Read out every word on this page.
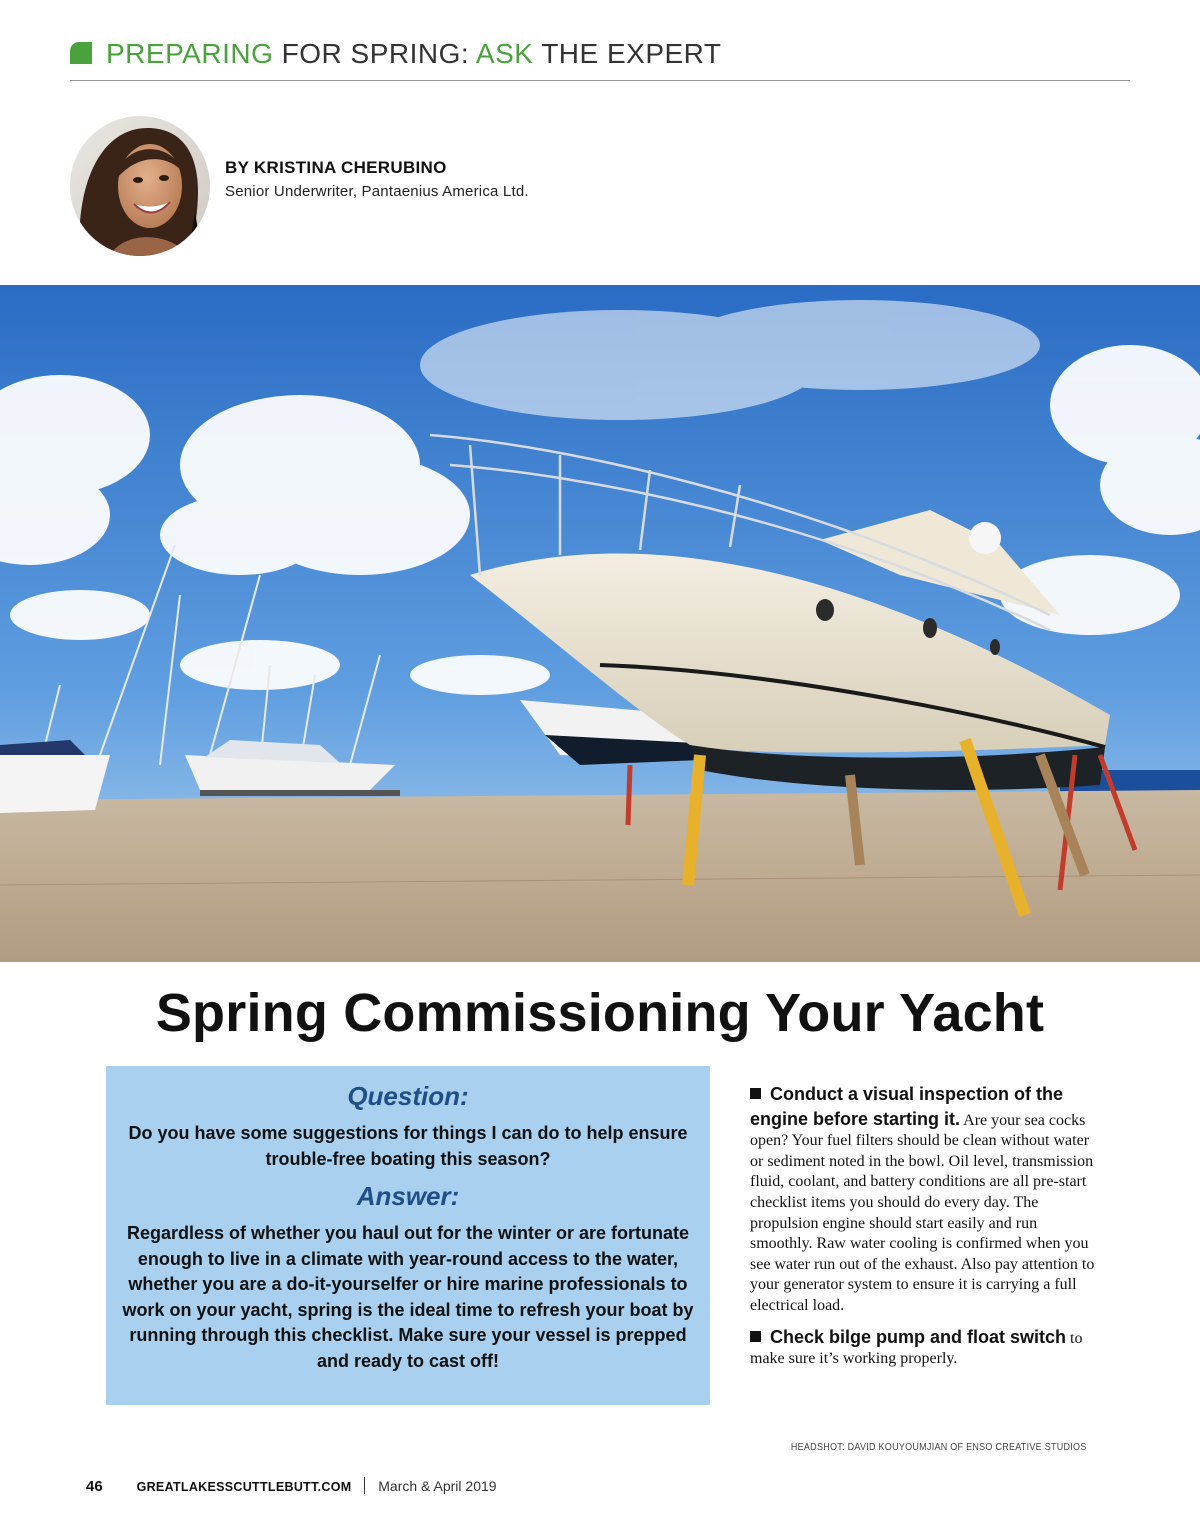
PREPARING FOR SPRING: ASK THE EXPERT
BY KRISTINA CHERUBINO
Senior Underwriter, Pantaenius America Ltd.
Spring Commissioning Your Yacht
Question:
Do you have some suggestions for things I can do to help ensure trouble-free boating this season?
Answer:
Regardless of whether you haul out for the winter or are fortunate enough to live in a climate with year-round access to the water, whether you are a do-it-yourselfer or hire marine professionals to work on your yacht, spring is the ideal time to refresh your boat by running through this checklist. Make sure your vessel is prepped and ready to cast off!
Conduct a visual inspection of the engine before starting it. Are your sea cocks open? Your fuel filters should be clean without water or sediment noted in the bowl. Oil level, transmission fluid, coolant, and battery conditions are all pre-start checklist items you should do every day. The propulsion engine should start easily and run smoothly. Raw water cooling is confirmed when you see water run out of the exhaust. Also pay attention to your generator system to ensure it is carrying a full electrical load.
Check bilge pump and float switch to make sure it’s working properly.
HEADSHOT: DAVID KOUYOUMJIAN OF ENSO CREATIVE STUDIOS
46	GREATLAKESSCUTTLEBUTT.COM March & April 2019
